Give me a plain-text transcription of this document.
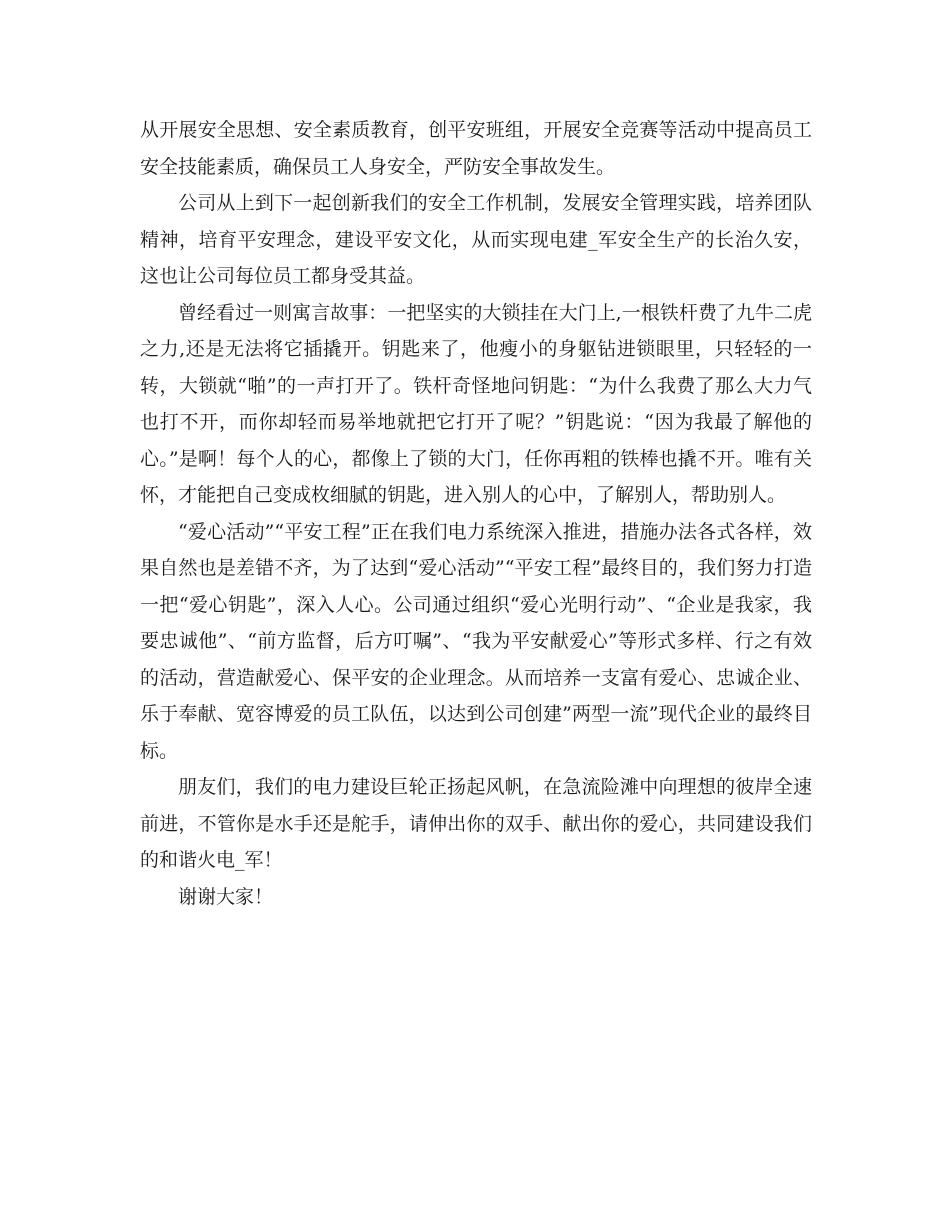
从开展安全思想、安全素质教育，创平安班组，开展安全竞赛等活动中提高员工安全技能素质，确保员工人身安全，严防安全事故发生。

公司从上到下一起创新我们的安全工作机制，发展安全管理实践，培养团队精神，培育平安理念，建设平安文化，从而实现电建_军安全生产的长治久安，这也让公司每位员工都身受其益。

曾经看过一则寓言故事：一把坚实的大锁挂在大门上,一根铁杆费了九牛二虎之力,还是无法将它插撬开。钥匙来了，他瘦小的身躯钻进锁眼里，只轻轻的一转，大锁就“啪”的一声打开了。铁杆奇怪地问钥匙：“为什么我费了那么大力气也打不开，而你却轻而易举地就把它打开了呢？”钥匙说：“因为我最了解他的心。”是啊！每个人的心，都像上了锁的大门，任你再粗的铁棒也撬不开。唯有关怀，才能把自己变成枚细腻的钥匙，进入别人的心中，了解别人，帮助别人。

“爱心活动”“平安工程”正在我们电力系统深入推进，措施办法各式各样，效果自然也是差错不齐，为了达到“爱心活动”“平安工程”最终目的，我们努力打造一把“爱心钥匙”，深入人心。公司通过组织“爱心光明行动”、“企业是我家，我要忠诚他”、“前方监督，后方叮嘱”、“我为平安献爱心”等形式多样、行之有效的活动，营造献爱心、保平安的企业理念。从而培养一支富有爱心、忠诚企业、乐于奉献、宽容博爱的员工队伍，以达到公司创建”两型一流”现代企业的最终目标。

朋友们，我们的电力建设巨轮正扬起风帆，在急流险滩中向理想的彼岸全速前进，不管你是水手还是舵手，请伸出你的双手、献出你的爱心，共同建设我们的和谐火电_军！

谢谢大家！
